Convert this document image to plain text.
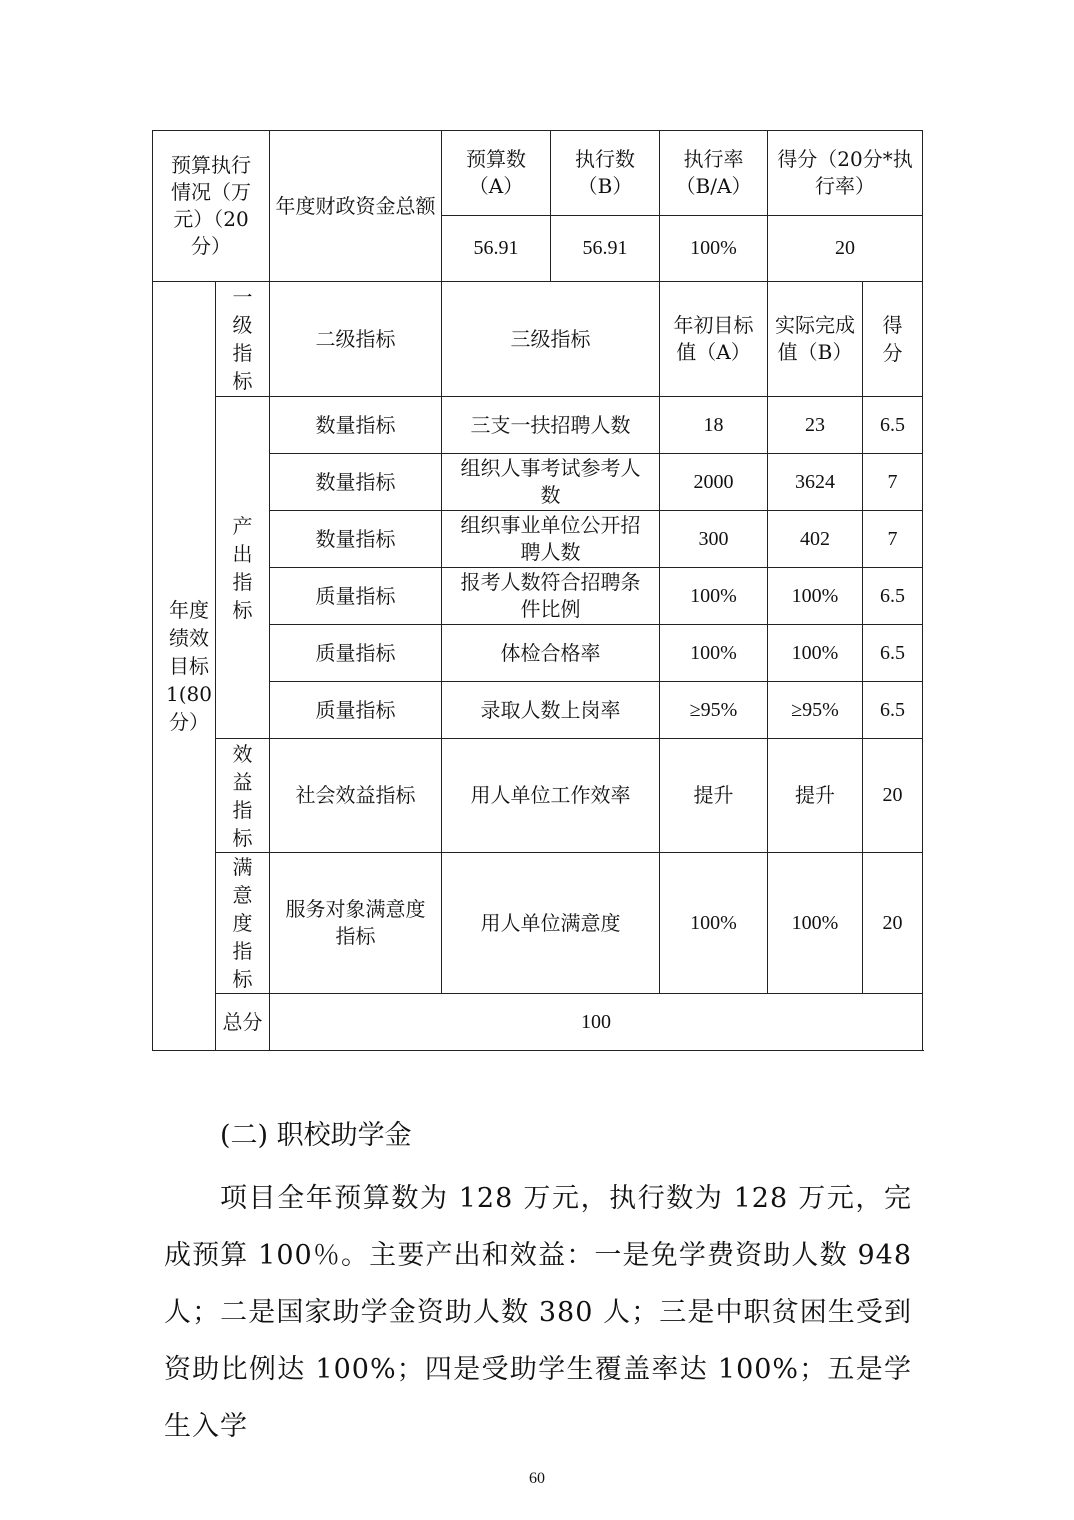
预算执行情况（万元）（20分）		年度财政资金总额	预算数（A）	执行数（B）	执行率（B/A）	得分（20分*执行率）	
			56.91	56.91	100%	20	
年度绩效目标1(80分）	一级指标	二级指标	三级指标		年初目标值（A）	实际完成值（B）	得分
	产出指标	数量指标	三支一扶招聘人数		18	23	6.5
		数量指标	组织人事考试参考人数		2000	3624	7
		数量指标	组织事业单位公开招聘人数		300	402	7
		质量指标	报考人数符合招聘条件比例		100%	100%	6.5
		质量指标	体检合格率		100%	100%	6.5
		质量指标	录取人数上岗率		≥95%	≥95%	6.5
	效益指标	社会效益指标	用人单位工作效率		提升	提升	20
	满意度指标	服务对象满意度指标	用人单位满意度		100%	100%	20
	总分	100					
(二) 职校助学金
项目全年预算数为 128 万元，执行数为 128 万元，完成预算 100％。主要产出和效益：一是免学费资助人数 948 人；二是国家助学金资助人数 380 人；三是中职贫困生受到资助比例达 100%；四是受助学生覆盖率达 100%；五是学生入学
60
